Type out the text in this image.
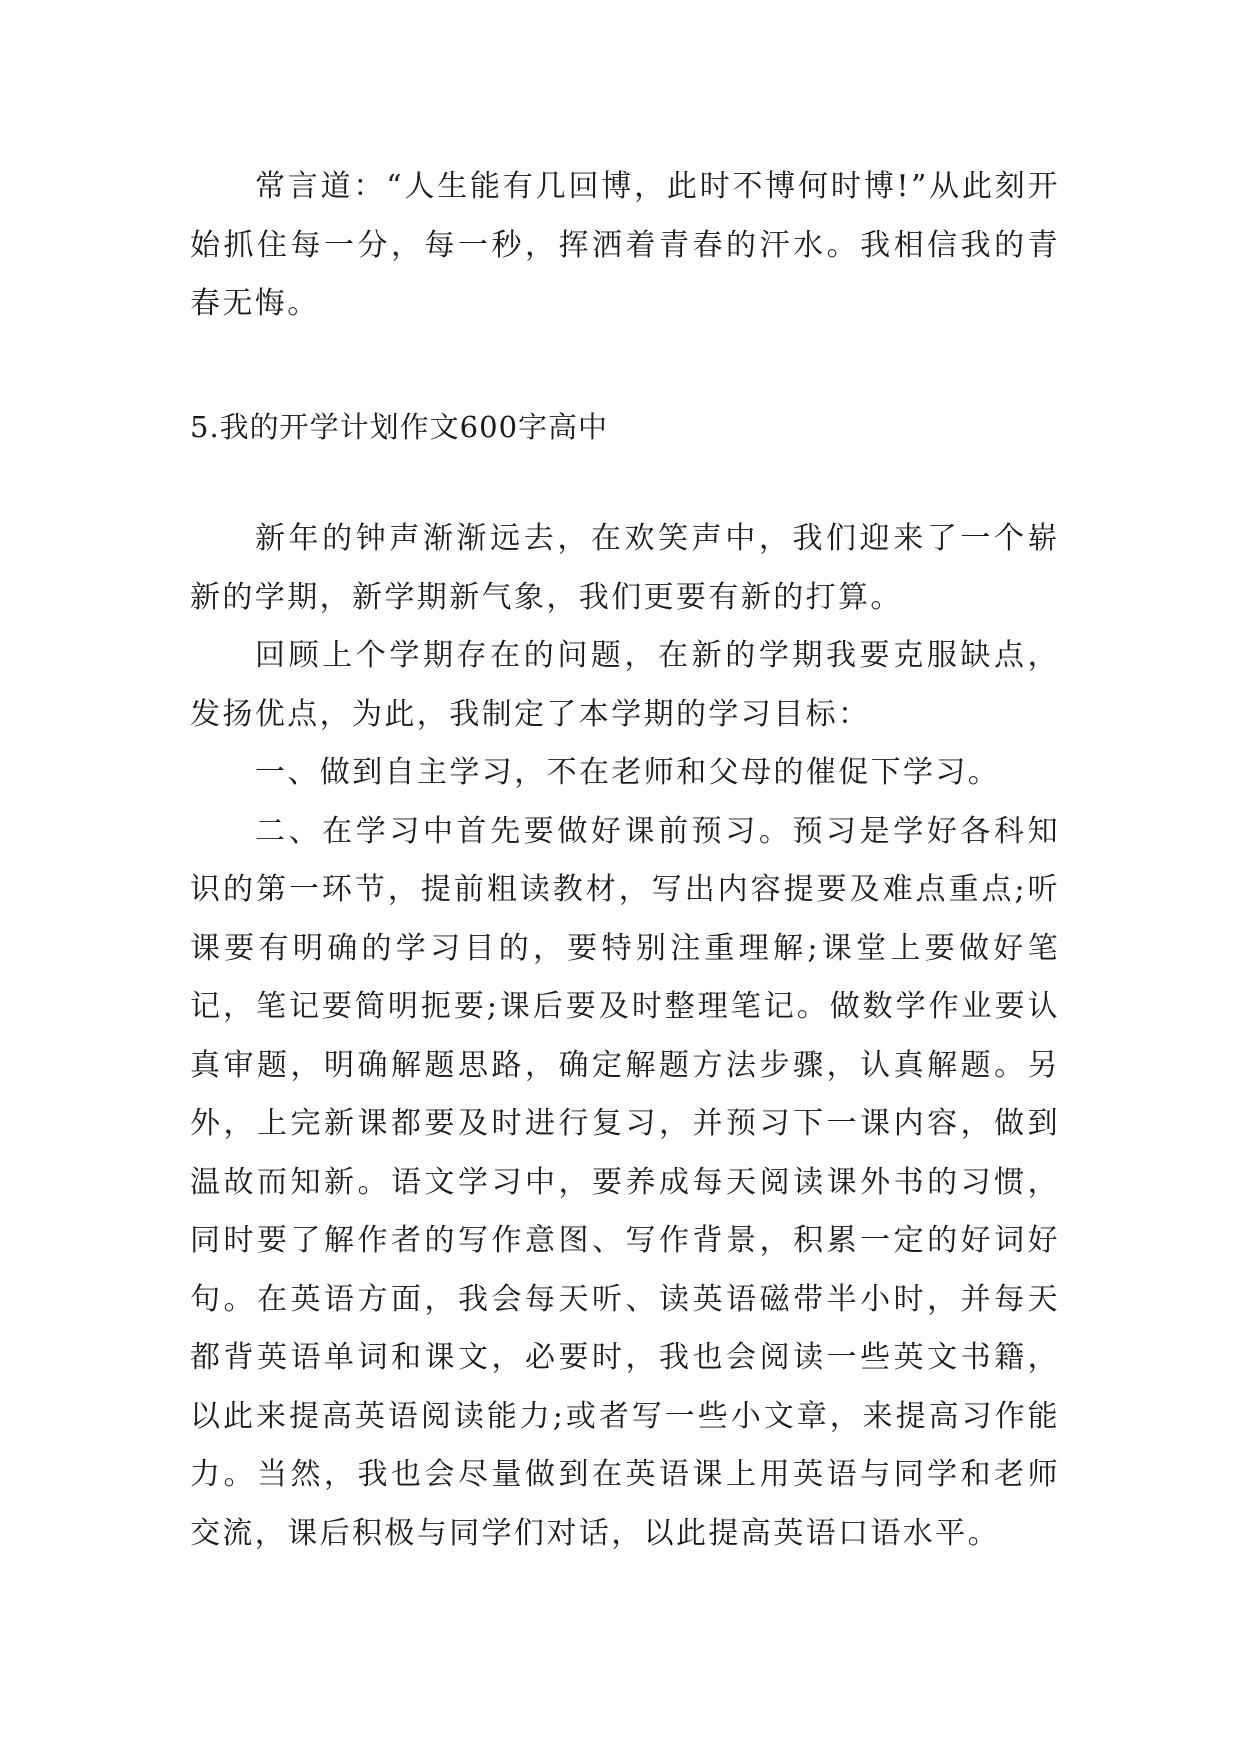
常言道：“人生能有几回博，此时不博何时博!”从此刻开始抓住每一分，每一秒，挥洒着青春的汗水。我相信我的青春无悔。

5.我的开学计划作文600字高中

新年的钟声渐渐远去，在欢笑声中，我们迎来了一个崭新的学期，新学期新气象，我们更要有新的打算。

回顾上个学期存在的问题，在新的学期我要克服缺点，发扬优点，为此，我制定了本学期的学习目标：

一、做到自主学习，不在老师和父母的催促下学习。

二、在学习中首先要做好课前预习。预习是学好各科知识的第一环节，提前粗读教材，写出内容提要及难点重点;听课要有明确的学习目的，要特别注重理解;课堂上要做好笔记，笔记要简明扼要;课后要及时整理笔记。做数学作业要认真审题，明确解题思路，确定解题方法步骤，认真解题。另外，上完新课都要及时进行复习，并预习下一课内容，做到温故而知新。语文学习中，要养成每天阅读课外书的习惯，同时要了解作者的写作意图、写作背景，积累一定的好词好句。在英语方面，我会每天听、读英语磁带半小时，并每天都背英语单词和课文，必要时，我也会阅读一些英文书籍，以此来提高英语阅读能力;或者写一些小文章，来提高习作能力。当然，我也会尽量做到在英语课上用英语与同学和老师交流，课后积极与同学们对话，以此提高英语口语水平。
